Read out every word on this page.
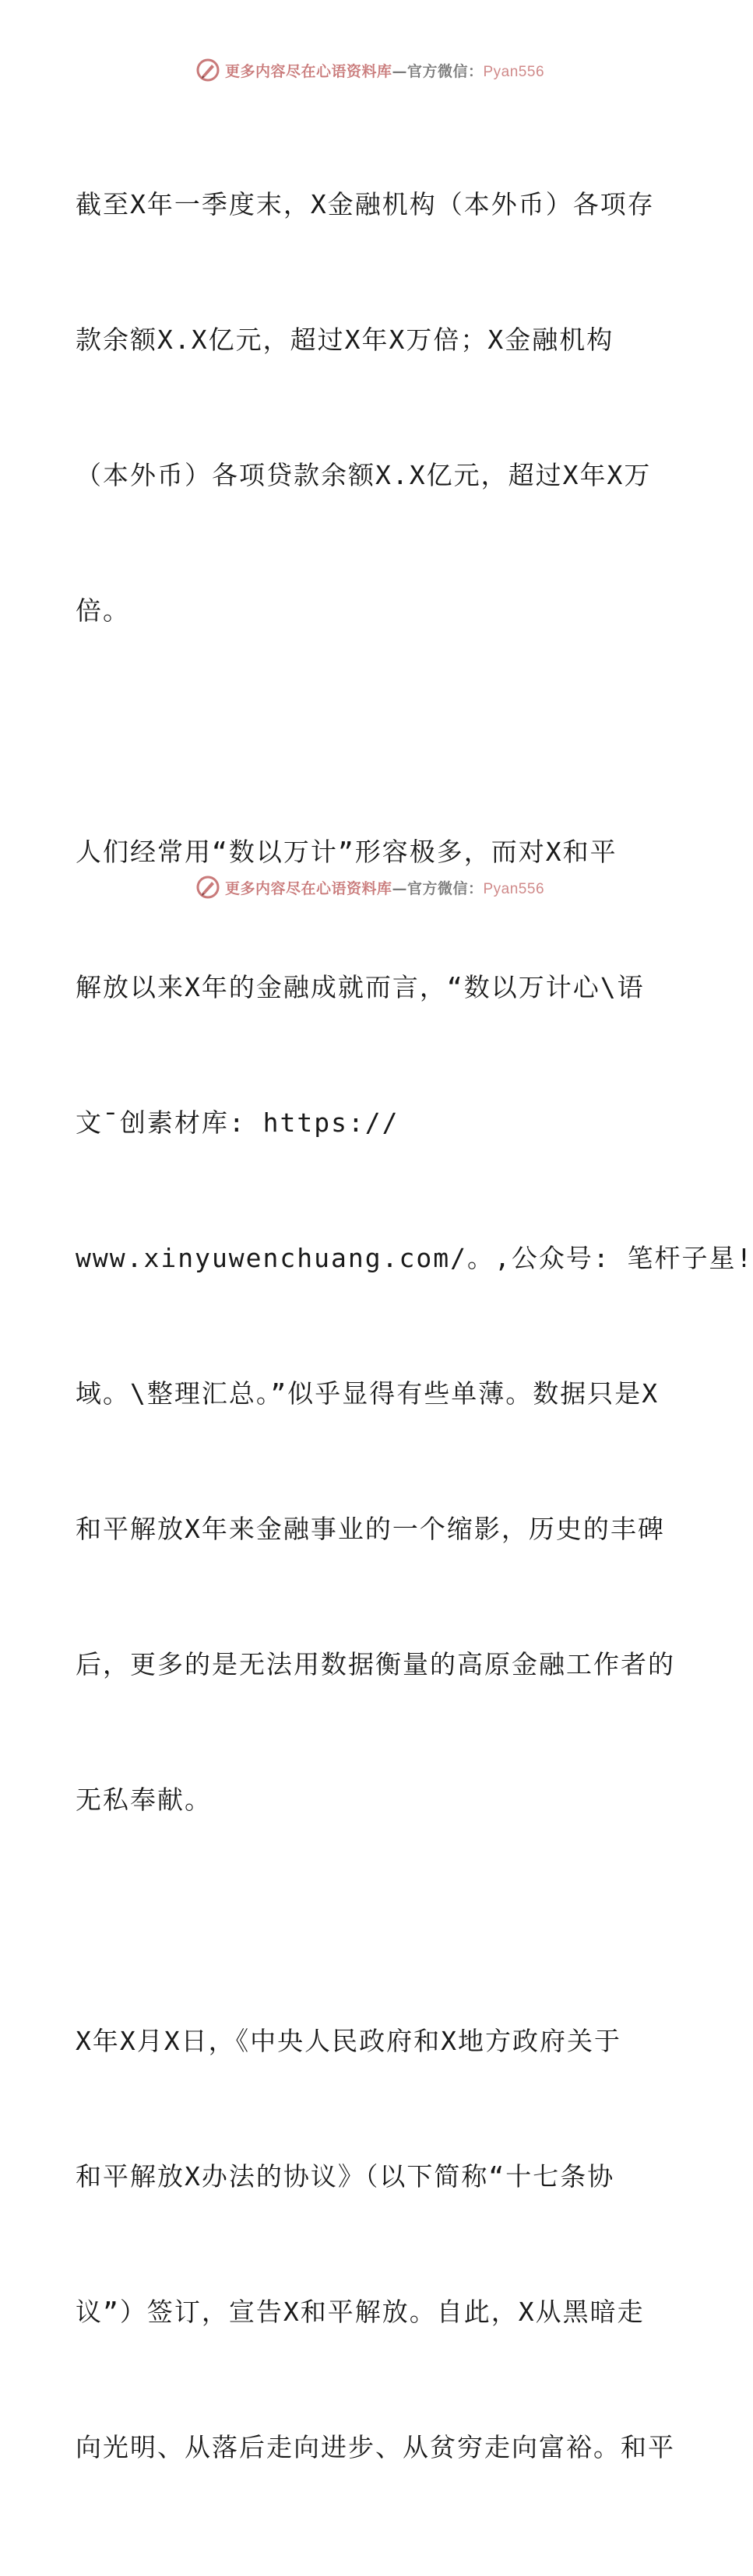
更多内容尽在心语资料库—官方微信：Pyan556

截至X年一季度末，X金融机构（本外币）各项存

款余额X.X亿元，超过X年X万倍；X金融机构

（本外币）各项贷款余额X.X亿元，超过X年X万

倍。

人们经常用“数以万计”形容极多，而对X和平

解放以来X年的金融成就而言，“数以万计心\语

文¯创素材库: https://

www.xinyuwenchuang.com/。,公众号: 笔杆子星!

域。\整理汇总。”似乎显得有些单薄。数据只是X

和平解放X年来金融事业的一个缩影，历史的丰碑

后，更多的是无法用数据衡量的高原金融工作者的

无私奉献。

X年X月X日，《中央人民政府和X地方政府关于

和平解放X办法的协议》（以下简称“十七条协

议”）签订，宣告X和平解放。自此，X从黑暗走

向光明、从落后走向进步、从贫穷走向富裕。和平

更多内容尽在心语资料库—官方微信：Pyan556
